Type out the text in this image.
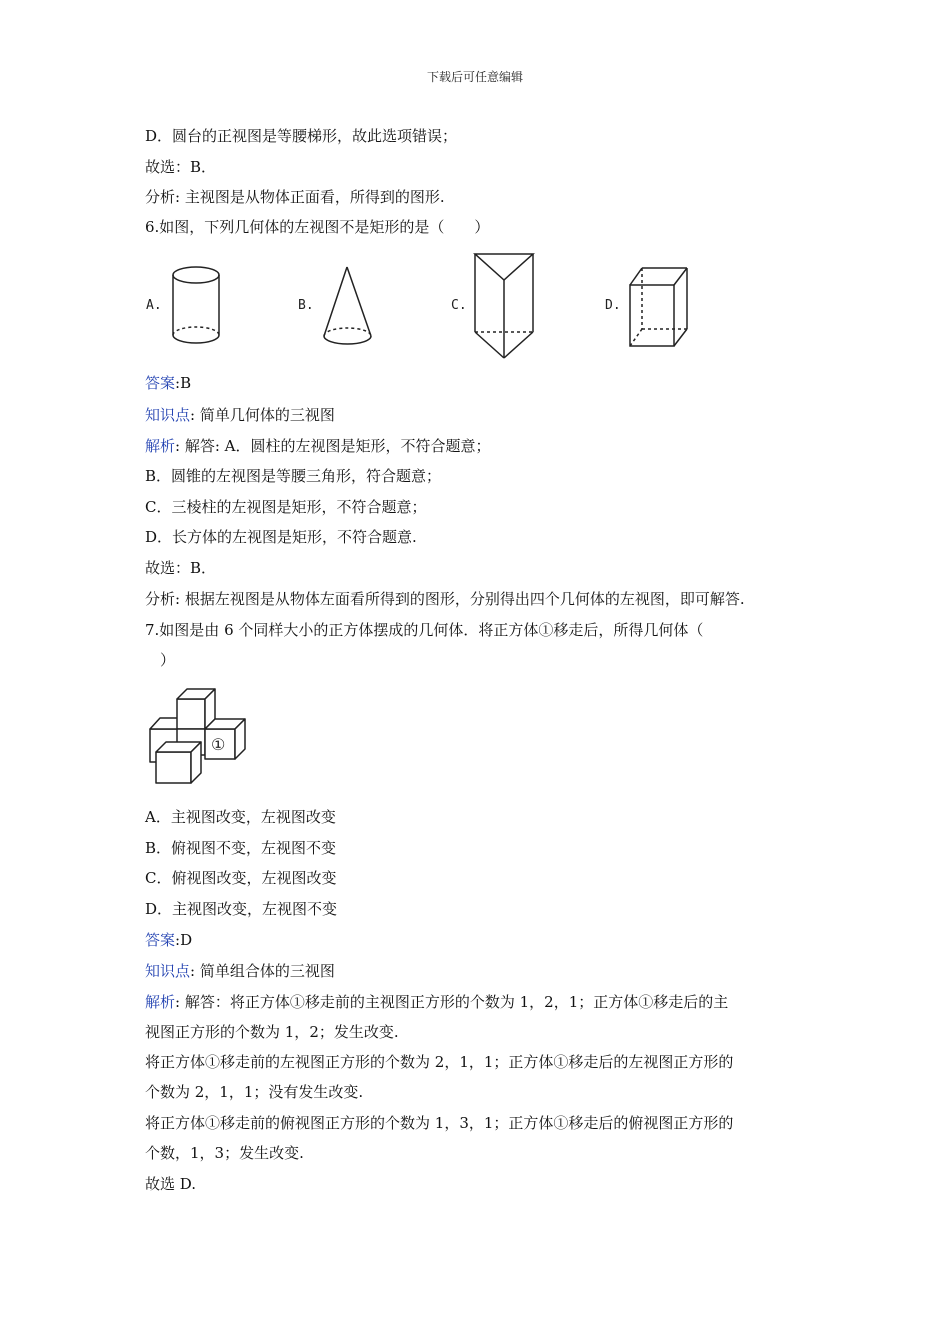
下载后可任意编辑
D．圆台的正视图是等腰梯形，故此选项错误；
故选：B．
分析: 主视图是从物体正面看，所得到的图形.
6.如图，下列几何体的左视图不是矩形的是（　　）
A.	B.	C.	D.
答案:B
知识点: 简单几何体的三视图
解析: 解答: A．圆柱的左视图是矩形，不符合题意；
B．圆锥的左视图是等腰三角形，符合题意；
C．三棱柱的左视图是矩形，不符合题意；
D．长方体的左视图是矩形，不符合题意.
故选：B．
分析: 根据左视图是从物体左面看所得到的图形，分别得出四个几何体的左视图，即可解答.
7.如图是由 6 个同样大小的正方体摆成的几何体．将正方体①移走后，所得几何体（
）
①
A．主视图改变，左视图改变
B．俯视图不变，左视图不变
C．俯视图改变，左视图改变
D．主视图改变，左视图不变
答案:D
知识点: 简单组合体的三视图
解析: 解答：将正方体①移走前的主视图正方形的个数为 1，2，1；正方体①移走后的主
视图正方形的个数为 1，2；发生改变.
将正方体①移走前的左视图正方形的个数为 2，1，1；正方体①移走后的左视图正方形的
个数为 2，1，1；没有发生改变.
将正方体①移走前的俯视图正方形的个数为 1，3，1；正方体①移走后的俯视图正方形的
个数，1，3；发生改变.
故选 D.
